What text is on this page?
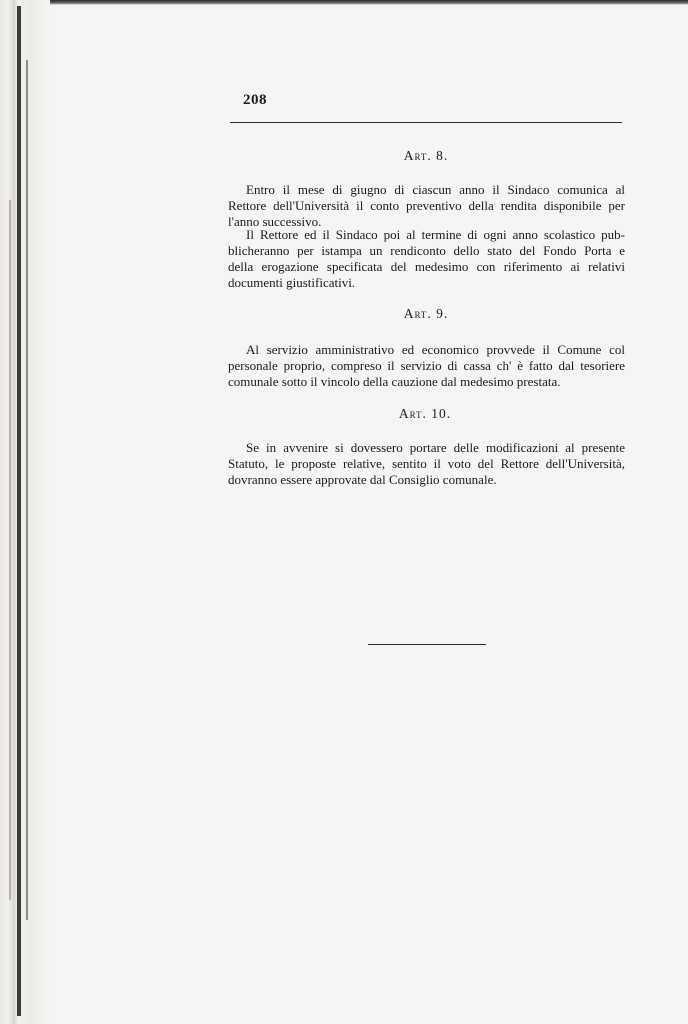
208
Art. 8.
Entro il mese di giugno di ciascun anno il Sindaco comunica al
Rettore dell'Università il conto preventivo della rendita disponibile per
l'anno successivo.
Il Rettore ed il Sindaco poi al termine di ogni anno scolastico pub-
blicheranno per istampa un rendiconto dello stato del Fondo Porta e
della erogazione specificata del medesimo con riferimento ai relativi
documenti giustificativi.
Art. 9.
Al servizio amministrativo ed economico provvede il Comune col
personale proprio, compreso il servizio di cassa ch' è fatto dal tesoriere
comunale sotto il vincolo della cauzione dal medesimo prestata.
Art. 10.
Se in avvenire si dovessero portare delle modificazioni al presente
Statuto, le proposte relative, sentito il voto del Rettore dell'Università,
dovranno essere approvate dal Consiglio comunale.
